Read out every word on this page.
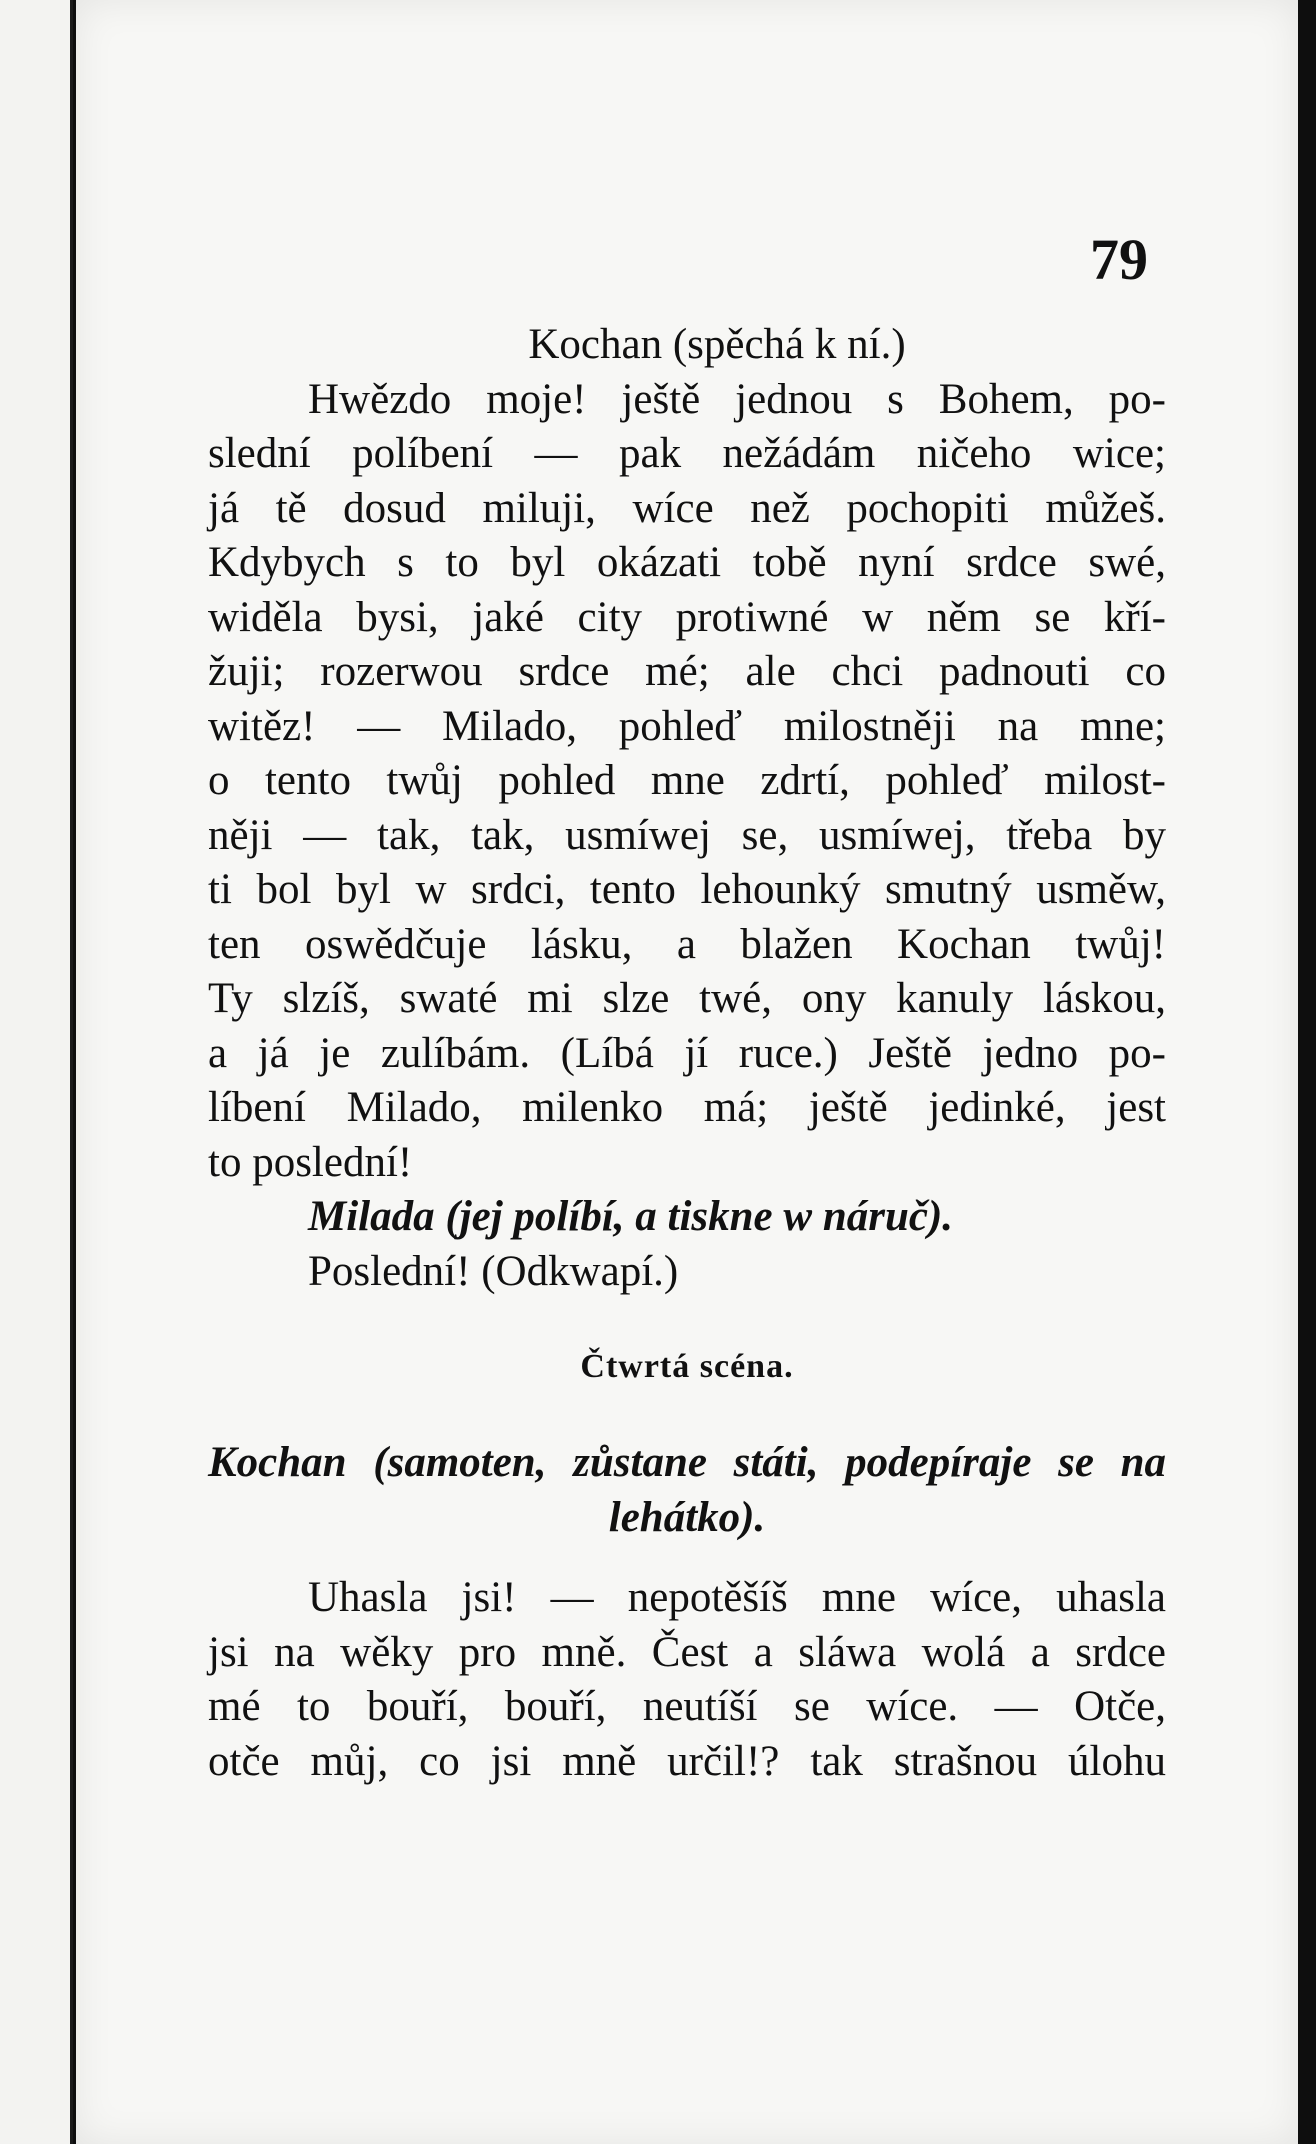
79
Kochan (spěchá k ní.)
Hwězdo moje! ještě jednou s Bohem, po-
slední políbení — pak nežádám ničeho wice;
já tě dosud miluji, wíce než pochopiti můžeš.
Kdybych s to byl okázati tobě nyní srdce swé,
widěla bysi, jaké city protiwné w něm se kří-
žuji; rozerwou srdce mé; ale chci padnouti co
witěz! — Milado, pohleď milostněji na mne;
o tento twůj pohled mne zdrtí, pohleď milost-
něji — tak, tak, usmíwej se, usmíwej, třeba by
ti bol byl w srdci, tento lehounký smutný usměw,
ten oswědčuje lásku, a blažen Kochan twůj!
Ty slzíš, swaté mi slze twé, ony kanuly láskou,
a já je zulíbám. (Líbá jí ruce.) Ještě jedno po-
líbení Milado, milenko má; ještě jedinké, jest
to poslední!
Milada (jej políbí, a tiskne w náruč).
Poslední! (Odkwapí.)
Čtwrtá scéna.
Kochan (samoten, zůstane státi, podepíraje se na
lehátko).
Uhasla jsi! — nepotěšíš mne wíce, uhasla
jsi na wěky pro mně. Čest a sláwa wolá a srdce
mé to bouří, bouří, neutíší se wíce. — Otče,
otče můj, co jsi mně určil!? tak strašnou úlohu
